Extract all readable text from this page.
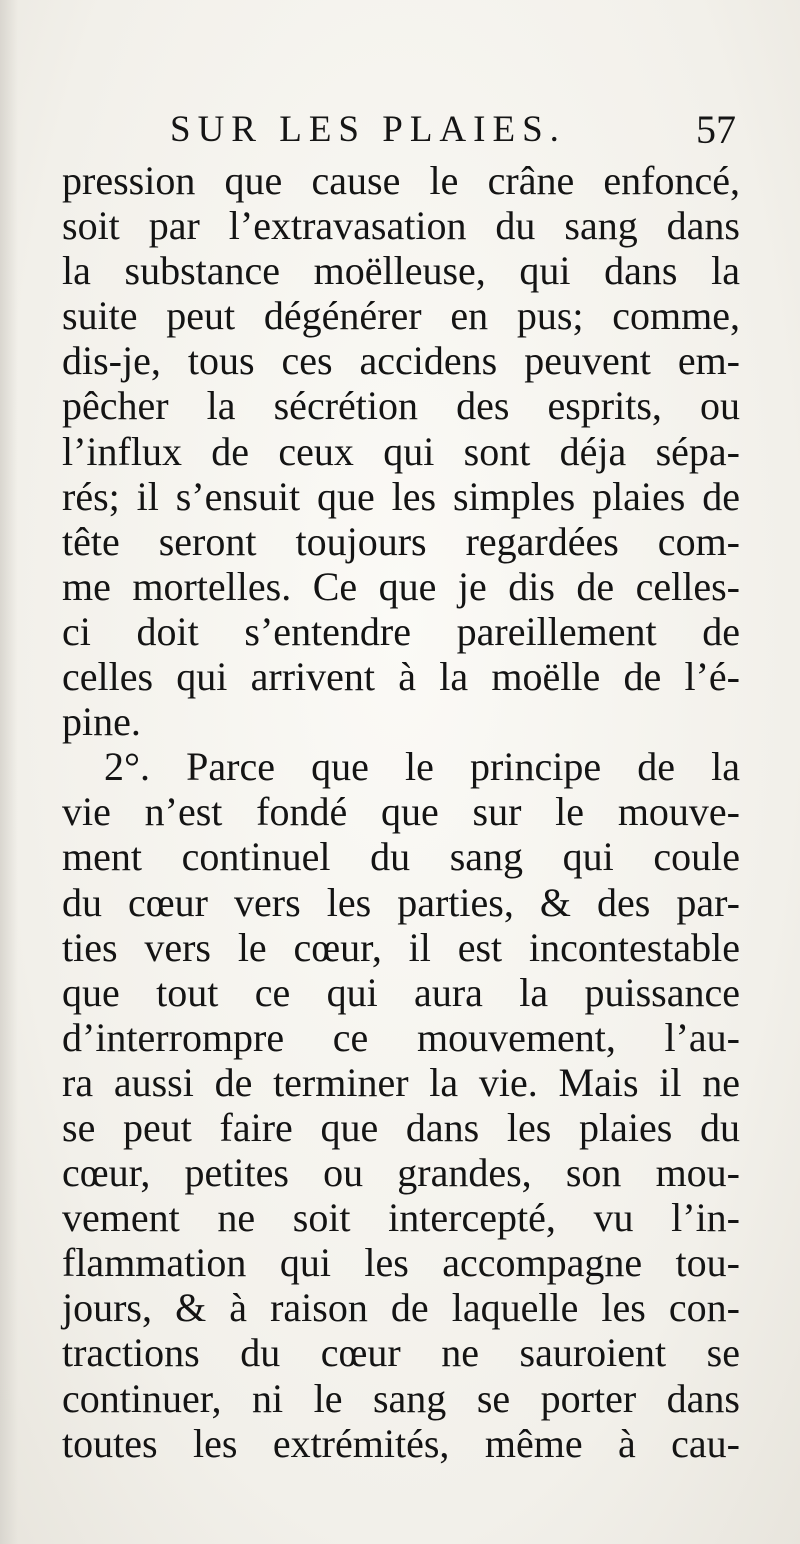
SUR LES PLAIES.	57
pression que cause le crâne enfoncé,
soit par l’extravasation du sang dans
la substance moëlleuse, qui dans la
suite peut dégénérer en pus; comme,
dis-je, tous ces accidens peuvent em-
pêcher la sécrétion des esprits, ou
l’influx de ceux qui sont déja sépa-
rés; il s’ensuit que les simples plaies de
tête seront toujours regardées com-
me mortelles. Ce que je dis de celles-
ci doit s’entendre pareillement de
celles qui arrivent à la moëlle de l’é-
pine.
2°. Parce que le principe de la
vie n’est fondé que sur le mouve-
ment continuel du sang qui coule
du cœur vers les parties, & des par-
ties vers le cœur, il est incontestable
que tout ce qui aura la puissance
d’interrompre ce mouvement, l’au-
ra aussi de terminer la vie. Mais il ne
se peut faire que dans les plaies du
cœur, petites ou grandes, son mou-
vement ne soit intercepté, vu l’in-
flammation qui les accompagne tou-
jours, & à raison de laquelle les con-
tractions du cœur ne sauroient se
continuer, ni le sang se porter dans
toutes les extrémités, même à cau-
